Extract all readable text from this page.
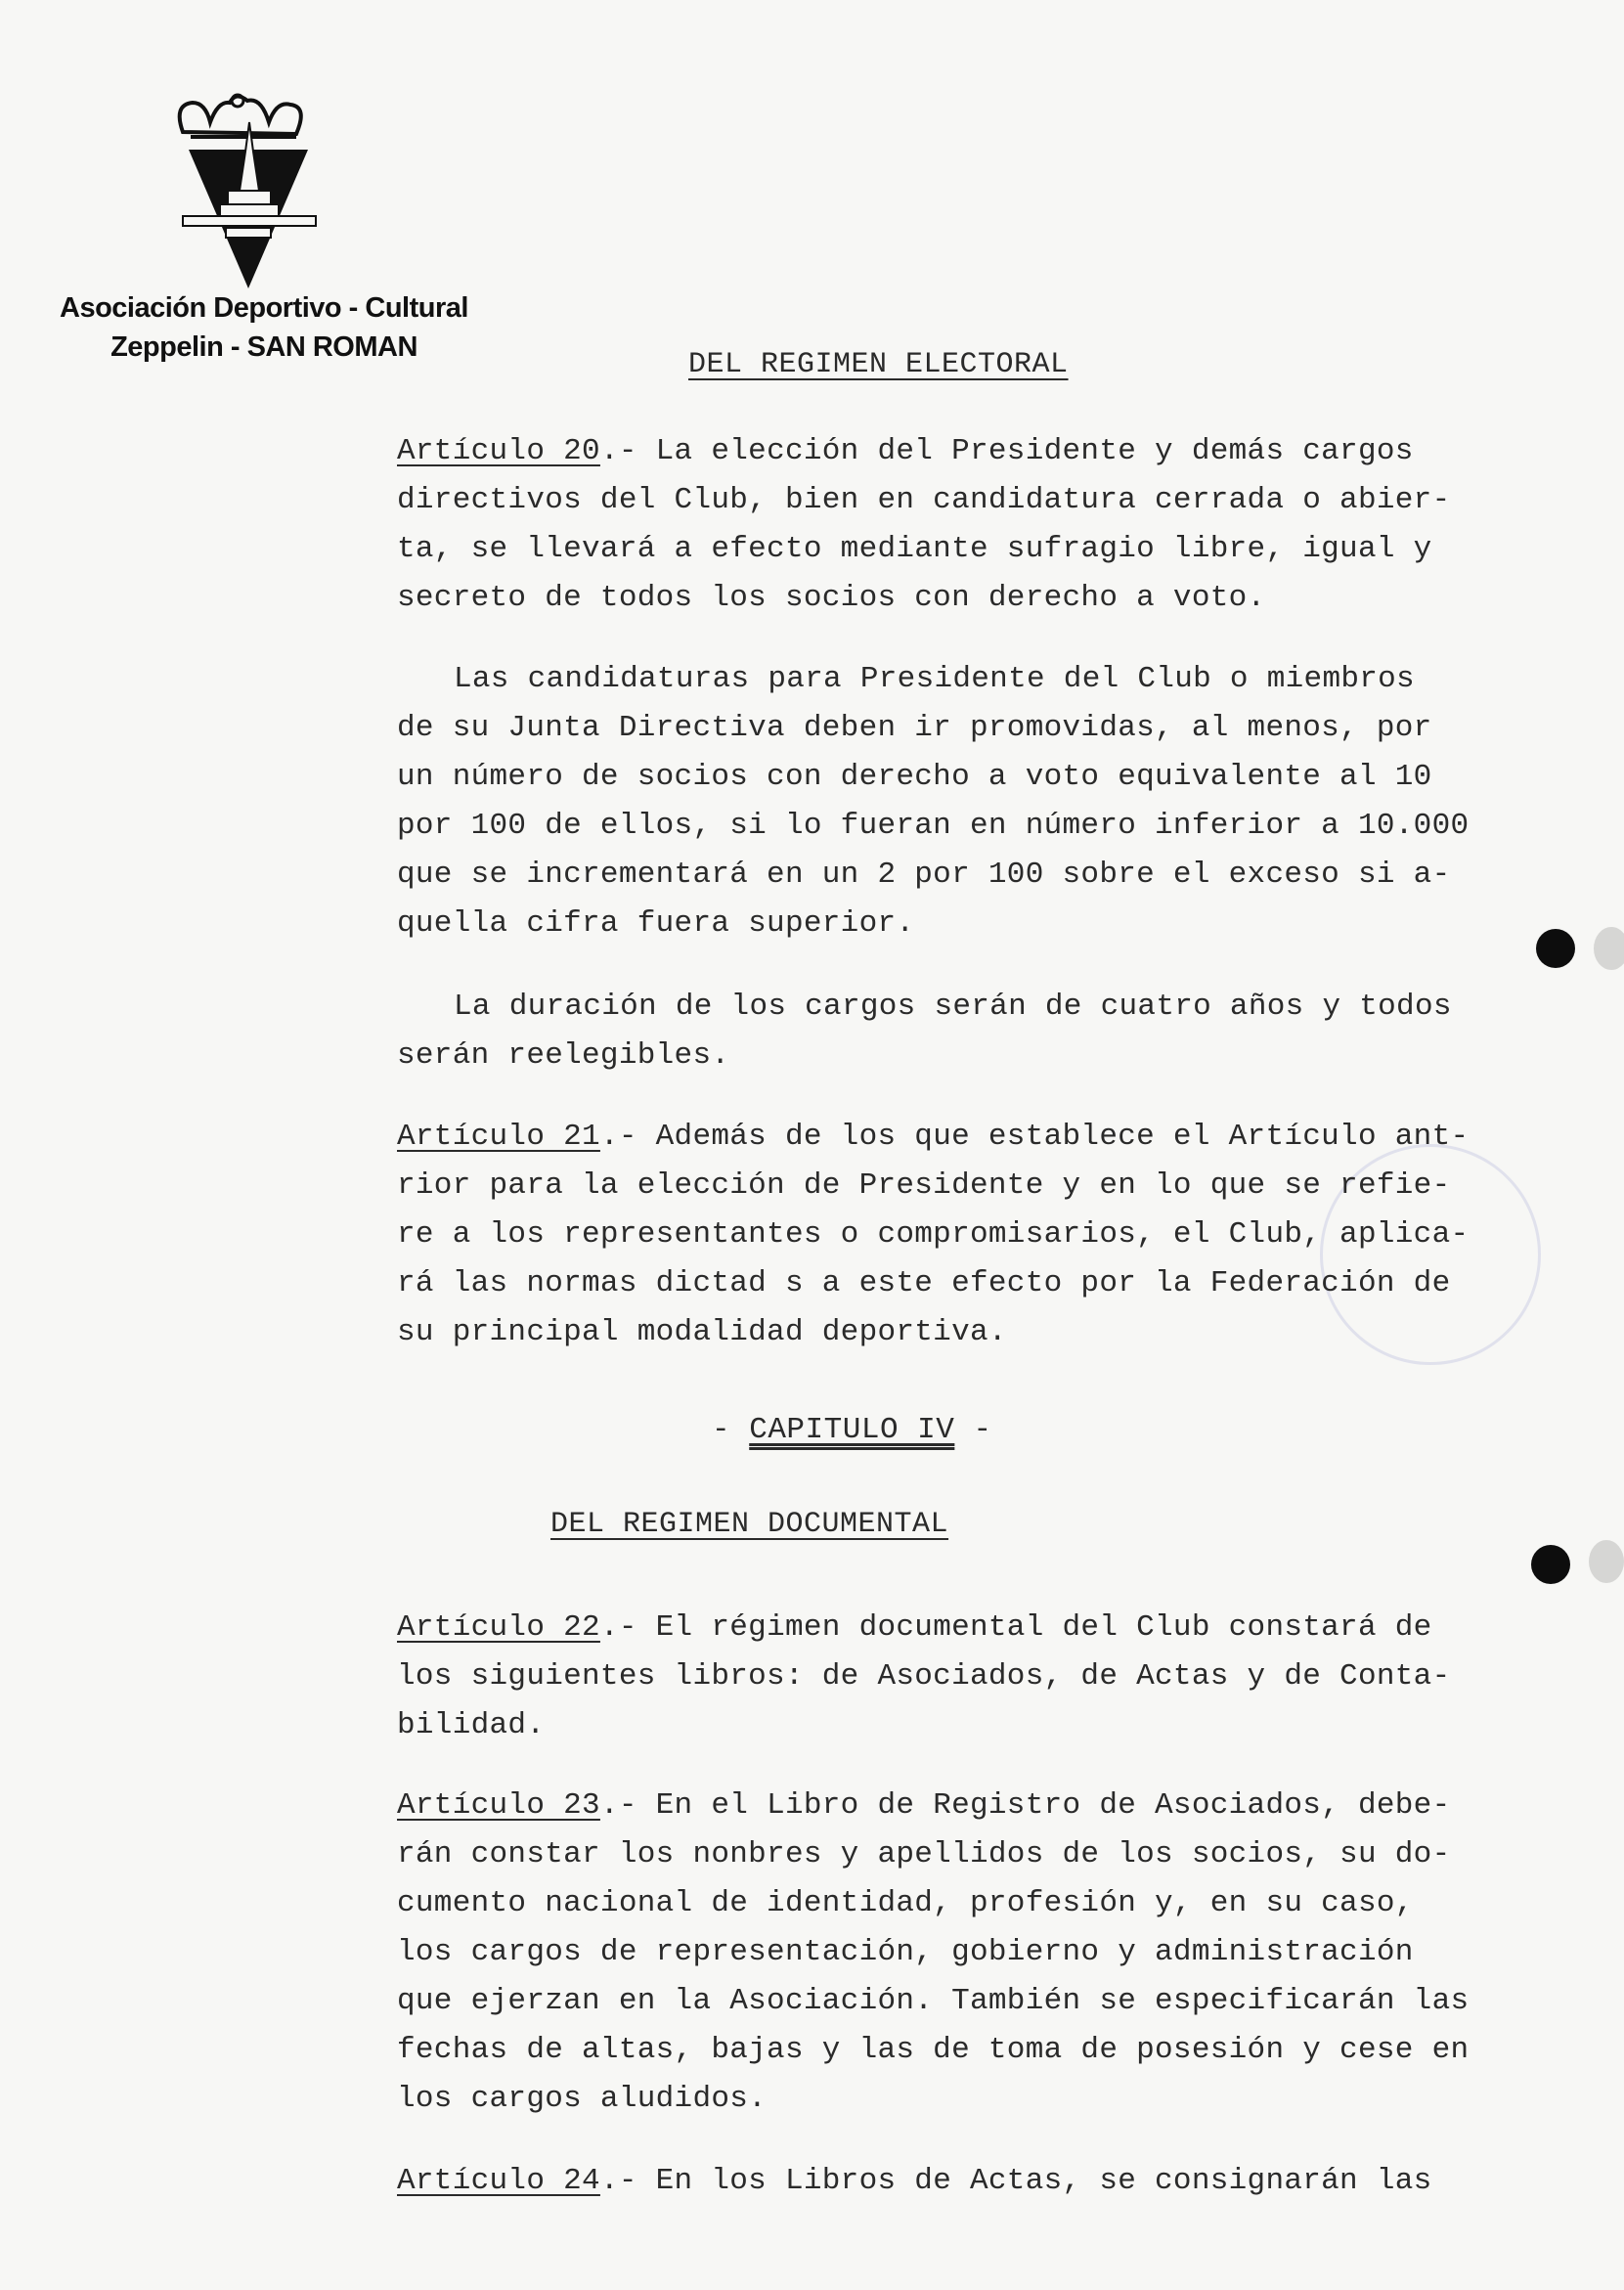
Asociación Deportivo - Cultural
Zeppelin - SAN ROMAN
DEL REGIMEN ELECTORAL
Artículo 20.- La elección del Presidente y demás cargos
directivos del Club, bien en candidatura cerrada o abier-
ta, se llevará a efecto mediante sufragio libre, igual y
secreto de todos los socios con derecho a voto.
Las candidaturas para Presidente del Club o miembros
de su Junta Directiva deben ir promovidas, al menos, por
un número de socios con derecho a voto equivalente al 10
por 100 de ellos, si lo fueran en número inferior a 10.000
que se incrementará en un 2 por 100 sobre el exceso si a-
quella cifra fuera superior.
La duración de los cargos serán de cuatro años y todos
serán reelegibles.
Artículo 21.- Además de los que establece el Artículo ant-
rior para la elección de Presidente y en lo que se refie-
re a los representantes o compromisarios, el Club, aplica-
rá las normas dictad s a este efecto por la Federación de
su principal modalidad deportiva.
- CAPITULO IV -
DEL REGIMEN DOCUMENTAL
Artículo 22.- El régimen documental del Club constará de
los siguientes libros: de Asociados, de Actas y de Conta-
bilidad.
Artículo 23.- En el Libro de Registro de Asociados, debe-
rán constar los nonbres y apellidos de los socios, su do-
cumento nacional de identidad, profesión y, en su caso,
los cargos de representación, gobierno y administración
que ejerzan en la Asociación. También se especificarán las
fechas de altas, bajas y las de toma de posesión y cese en
los cargos aludidos.
Artículo 24.- En los Libros de Actas, se consignarán las
